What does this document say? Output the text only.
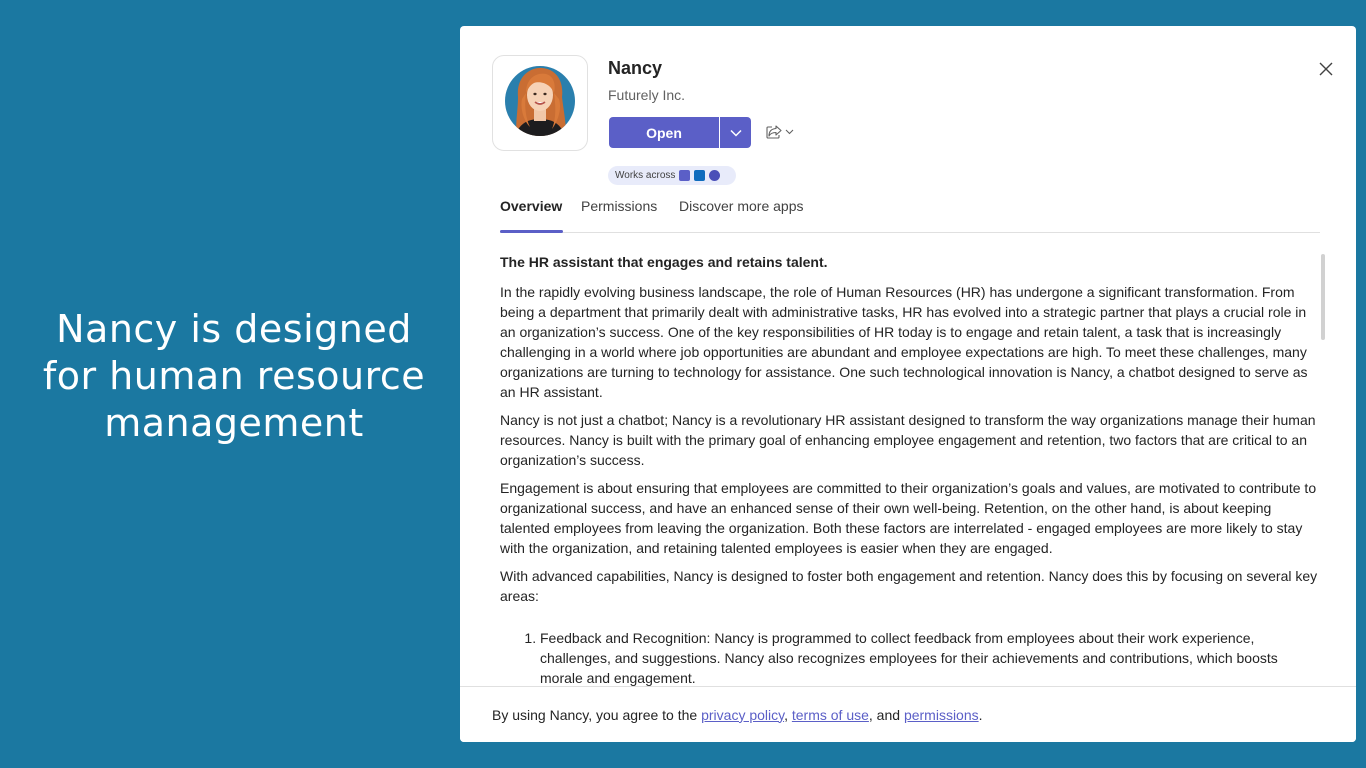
Nancy is designed
for human resource
management
Nancy
Futurely Inc.
Open
Works across
Overview Permissions Discover more apps
The HR assistant that engages and retains talent.

In the rapidly evolving business landscape, the role of Human Resources (HR) has undergone a significant transformation. From being a department that primarily dealt with administrative tasks, HR has evolved into a strategic partner that plays a crucial role in an organization’s success. One of the key responsibilities of HR today is to engage and retain talent, a task that is increasingly challenging in a world where job opportunities are abundant and employee expectations are high. To meet these challenges, many organizations are turning to technology for assistance. One such technological innovation is Nancy, a chatbot designed to serve as an HR assistant.

Nancy is not just a chatbot; Nancy is a revolutionary HR assistant designed to transform the way organizations manage their human resources. Nancy is built with the primary goal of enhancing employee engagement and retention, two factors that are critical to an organization’s success.

Engagement is about ensuring that employees are committed to their organization’s goals and values, are motivated to contribute to organizational success, and have an enhanced sense of their own well-being. Retention, on the other hand, is about keeping talented employees from leaving the organization. Both these factors are interrelated - engaged employees are more likely to stay with the organization, and retaining talented employees is easier when they are engaged.

With advanced capabilities, Nancy is designed to foster both engagement and retention. Nancy does this by focusing on several key areas:

1. Feedback and Recognition: Nancy is programmed to collect feedback from employees about their work experience, challenges, and suggestions. Nancy also recognizes employees for their achievements and contributions, which boosts morale and engagement.
By using Nancy, you agree to the privacy policy, terms of use, and permissions.
